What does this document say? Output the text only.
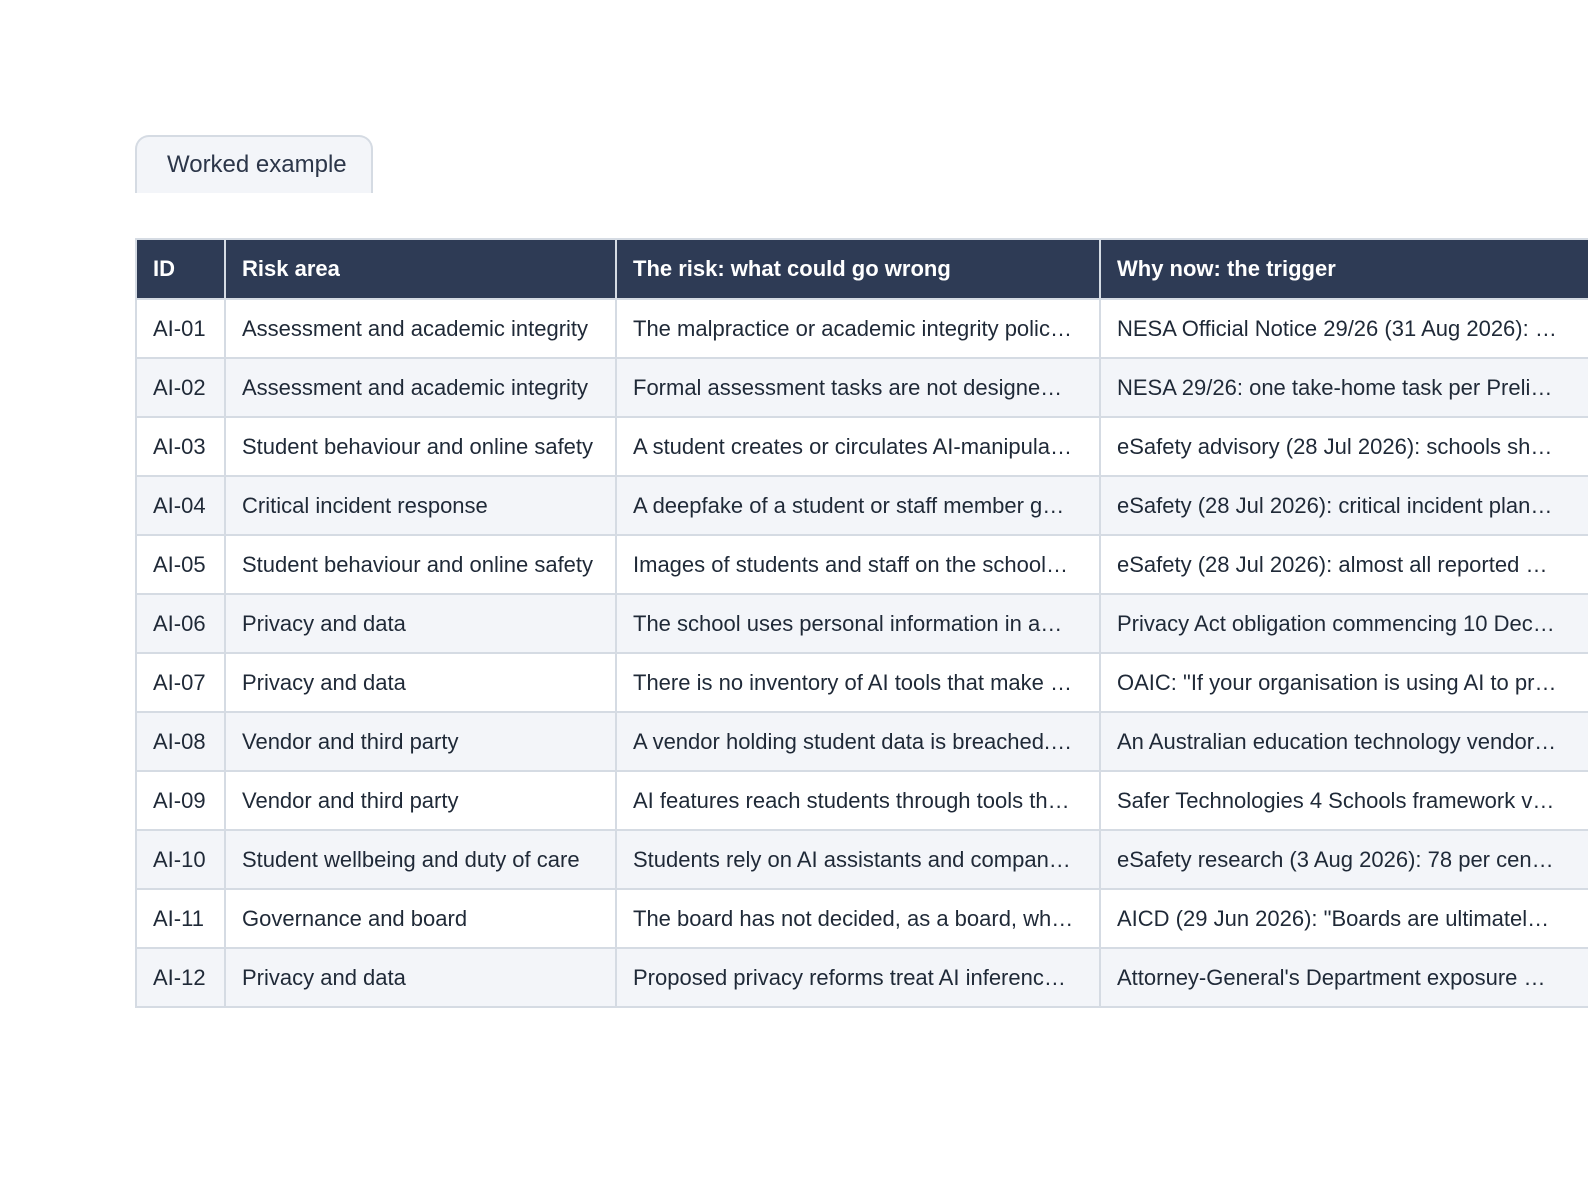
Worked example
ID	Risk area	The risk: what could go wrong	Why now: the trigger
AI-01	Assessment and academic integrity	The malpractice or academic integrity polic…	NESA Official Notice 29/26 (31 Aug 2026): …
AI-02	Assessment and academic integrity	Formal assessment tasks are not designe…	NESA 29/26: one take-home task per Preli…
AI-03	Student behaviour and online safety	A student creates or circulates AI-manipula…	eSafety advisory (28 Jul 2026): schools sh…
AI-04	Critical incident response	A deepfake of a student or staff member g…	eSafety (28 Jul 2026): critical incident plan…
AI-05	Student behaviour and online safety	Images of students and staff on the school…	eSafety (28 Jul 2026): almost all reported …
AI-06	Privacy and data	The school uses personal information in a…	Privacy Act obligation commencing 10 Dec…
AI-07	Privacy and data	There is no inventory of AI tools that make …	OAIC: "If your organisation is using AI to pr…
AI-08	Vendor and third party	A vendor holding student data is breached.…	An Australian education technology vendor…
AI-09	Vendor and third party	AI features reach students through tools th…	Safer Technologies 4 Schools framework v…
AI-10	Student wellbeing and duty of care	Students rely on AI assistants and compan…	eSafety research (3 Aug 2026): 78 per cen…
AI-11	Governance and board	The board has not decided, as a board, wh…	AICD (29 Jun 2026): "Boards are ultimatel…
AI-12	Privacy and data	Proposed privacy reforms treat AI inferenc…	Attorney-General's Department exposure …
